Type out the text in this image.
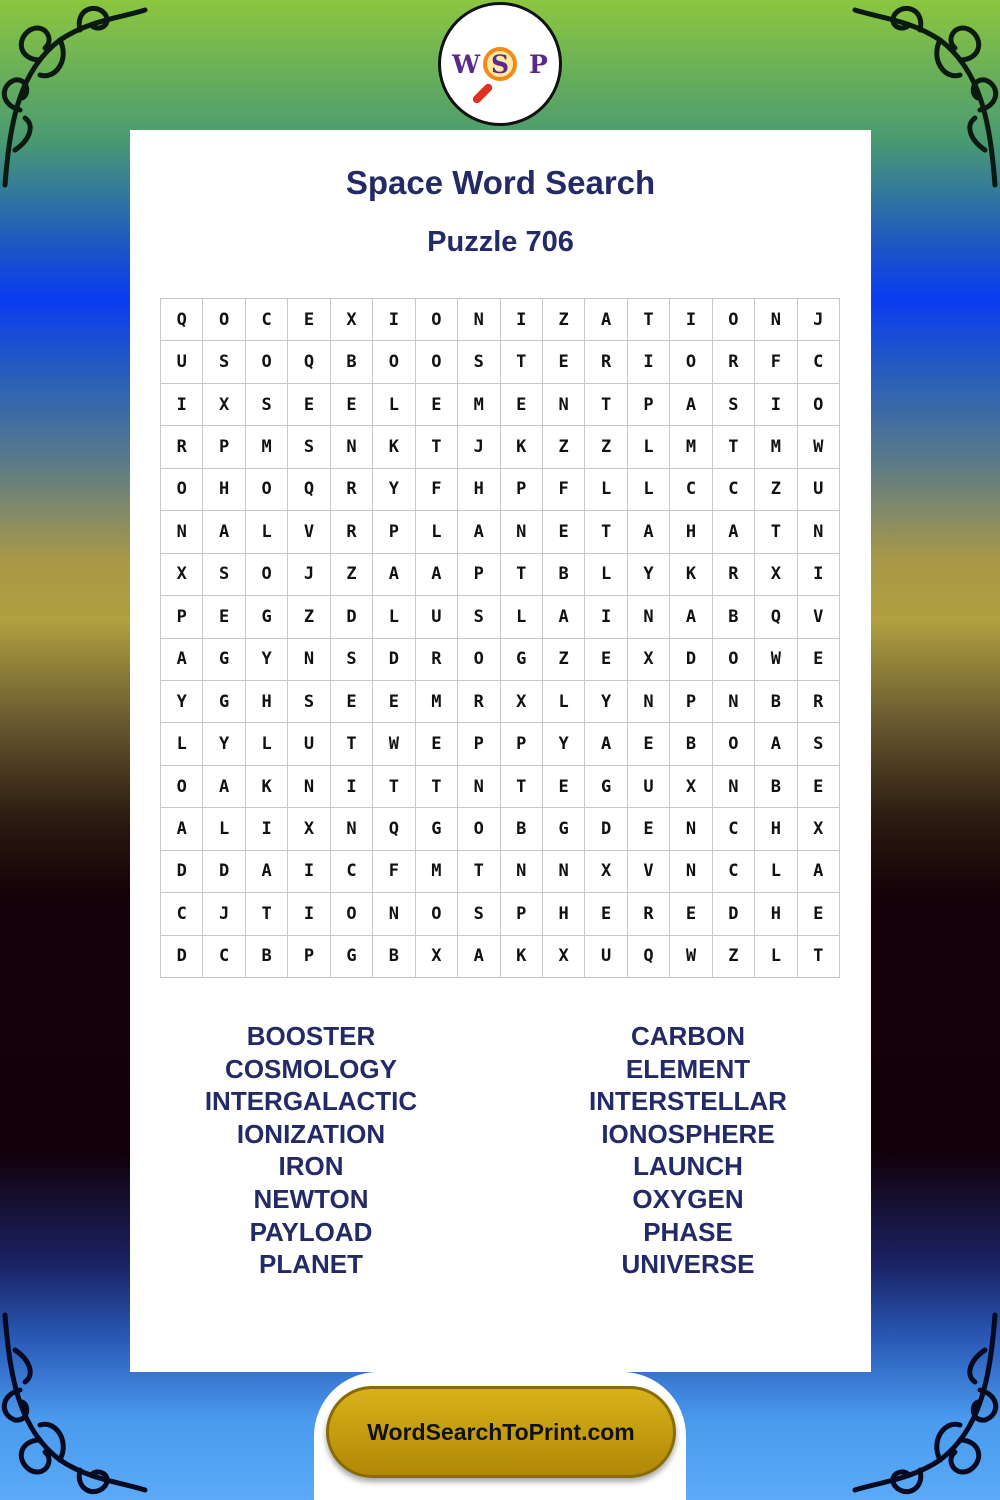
W S P
Space Word Search
Puzzle 706
Q	O	C	E	X	I	O	N	I	Z	A	T	I	O	N	J
U	S	O	Q	B	O	O	S	T	E	R	I	O	R	F	C
I	X	S	E	E	L	E	M	E	N	T	P	A	S	I	O
R	P	M	S	N	K	T	J	K	Z	Z	L	M	T	M	W
O	H	O	Q	R	Y	F	H	P	F	L	L	C	C	Z	U
N	A	L	V	R	P	L	A	N	E	T	A	H	A	T	N
X	S	O	J	Z	A	A	P	T	B	L	Y	K	R	X	I
P	E	G	Z	D	L	U	S	L	A	I	N	A	B	Q	V
A	G	Y	N	S	D	R	O	G	Z	E	X	D	O	W	E
Y	G	H	S	E	E	M	R	X	L	Y	N	P	N	B	R
L	Y	L	U	T	W	E	P	P	Y	A	E	B	O	A	S
O	A	K	N	I	T	T	N	T	E	G	U	X	N	B	E
A	L	I	X	N	Q	G	O	B	G	D	E	N	C	H	X
D	D	A	I	C	F	M	T	N	N	X	V	N	C	L	A
C	J	T	I	O	N	O	S	P	H	E	R	E	D	H	E
D	C	B	P	G	B	X	A	K	X	U	Q	W	Z	L	T
BOOSTER
COSMOLOGY
INTERGALACTIC
IONIZATION
IRON
NEWTON
PAYLOAD
PLANET
CARBON
ELEMENT
INTERSTELLAR
IONOSPHERE
LAUNCH
OXYGEN
PHASE
UNIVERSE
WordSearchToPrint.com
